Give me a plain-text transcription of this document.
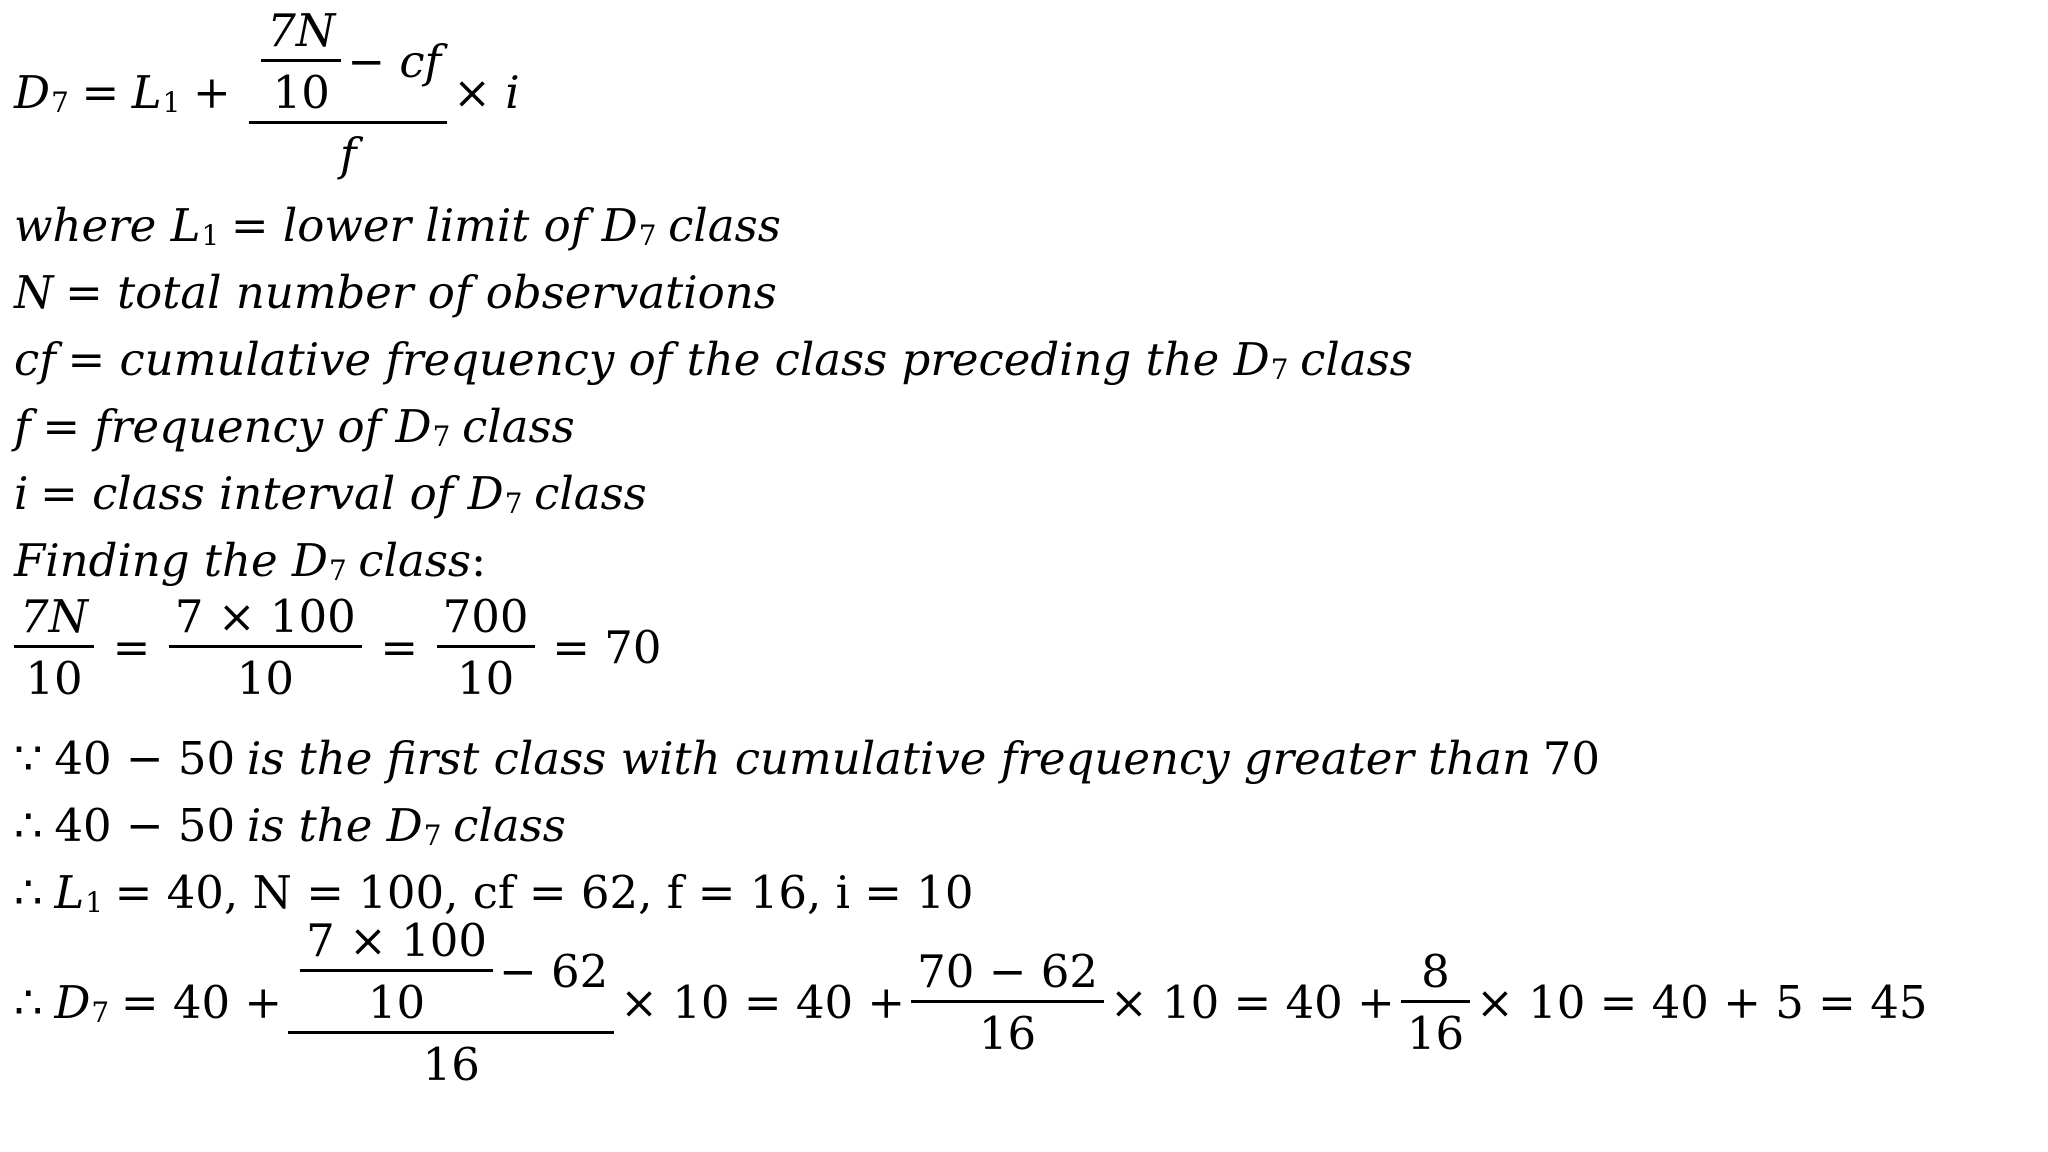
D 7 = L $1 + \frac{\frac{7N}{10} - cf}{f} \times i$
where L 1 = lower limit of D 7 class
N = total number of observations
cf = cumulative frequency of the class preceding the D 7 class
f = frequency of D 7 class
i = class interval of D 7 class
Finding the D 7 class :
$\frac{7N}{10} = \frac{7 \times 100}{10} = \frac{700}{10} = 70$
∵ 40 − 50 is the first class with cumulative frequency greater than 70
∴ 40 − 50 is the D 7 class
∴ L 1 = 40, N = 100, cf = 62, f = 16, i = 10
∴ D $7 = 40 + \frac{\frac{7 \times 100}{10} - 62}{16} \times 10 = 40 + \frac{70 - 62}{16} \times 10 = 40 + \frac{8}{16} \times 10 = 40 + 5 = 45$
